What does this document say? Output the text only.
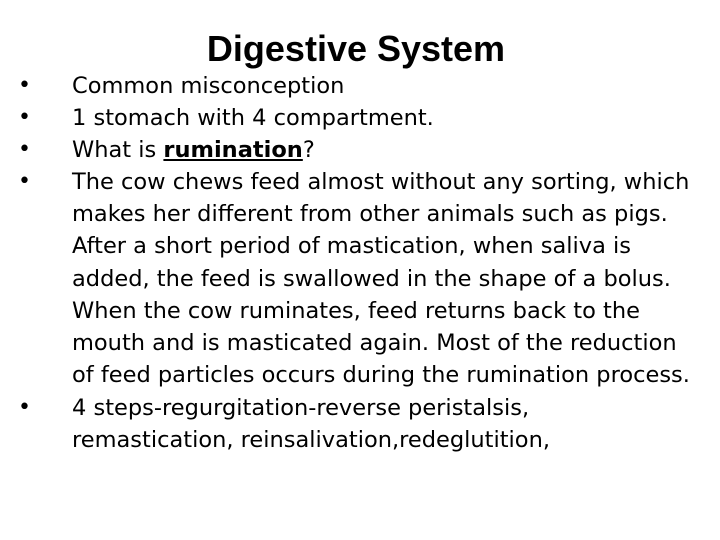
Digestive System
• Common misconception
• 1 stomach with 4 compartment.
• What is rumination?
• The cow chews feed almost without any sorting, which makes her different from other animals such as pigs. After a short period of mastication, when saliva is added, the feed is swallowed in the shape of a bolus. When the cow ruminates, feed returns back to the mouth and is masticated again. Most of the reduction of feed particles occurs during the rumination process.
• 4 steps-regurgitation-reverse peristalsis, remastication, reinsalivation,redeglutition,
